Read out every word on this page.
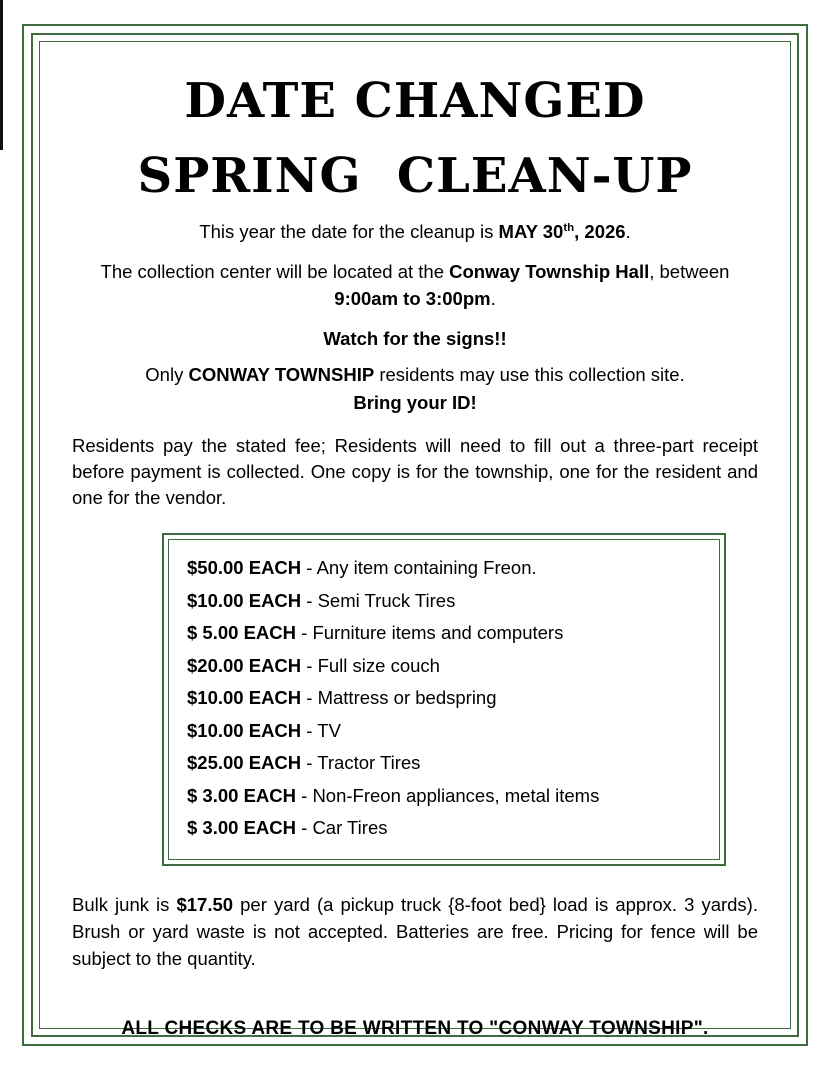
DATE CHANGED
SPRING  CLEAN-UP
This year the date for the cleanup is MAY 30th, 2026.
The collection center will be located at the Conway Township Hall, between 9:00am to 3:00pm.
Watch for the signs!!
Only CONWAY TOWNSHIP residents may use this collection site.
Bring your ID!
Residents pay the stated fee; Residents will need to fill out a three-part receipt before payment is collected. One copy is for the township, one for the resident and one for the vendor.
$50.00 EACH - Any item containing Freon.
$10.00 EACH - Semi Truck Tires
$ 5.00 EACH - Furniture items and computers
$20.00 EACH - Full size couch
$10.00 EACH - Mattress or bedspring
$10.00 EACH - TV
$25.00 EACH - Tractor Tires
$ 3.00 EACH - Non-Freon appliances, metal items
$ 3.00 EACH - Car Tires
Bulk junk is $17.50 per yard (a pickup truck {8-foot bed} load is approx. 3 yards). Brush or yard waste is not accepted. Batteries are free. Pricing for fence will be subject to the quantity.
ALL CHECKS ARE TO BE WRITTEN TO "CONWAY TOWNSHIP".
